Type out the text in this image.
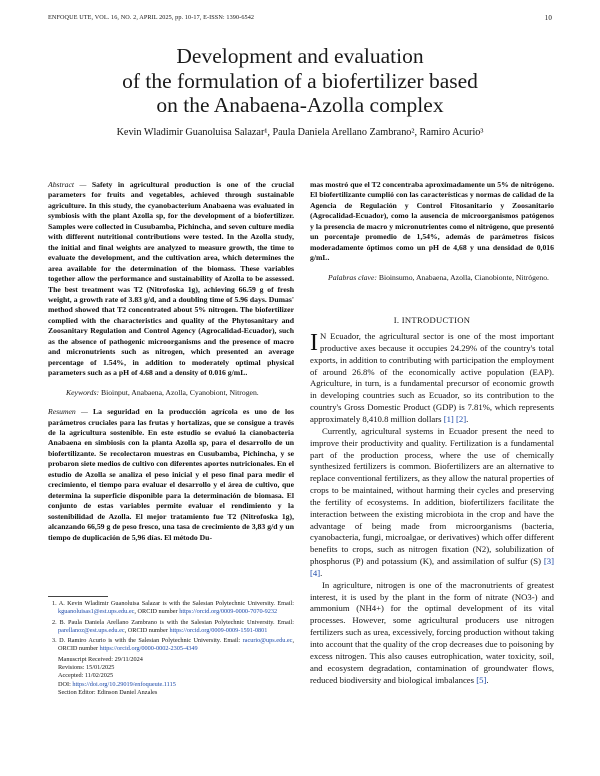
ENFOQUE UTE, VOL. 16, NO. 2, APRIL 2025, pp. 10-17, E-ISSN: 1390-6542	10
Development and evaluation
of the formulation of a biofertilizer based
on the Anabaena-Azolla complex
Kevin Wladimir Guanoluisa Salazar¹, Paula Daniela Arellano Zambrano², Ramiro Acurio³

Abstract — Safety in agricultural production is one of the crucial parameters for fruits and vegetables, achieved through sustainable agriculture. In this study, the cyanobacterium Anabaena was evaluated in symbiosis with the plant Azolla sp, for the development of a biofertilizer. Samples were collected in Cusubamba, Pichincha, and seven culture media with different nutritional contributions were tested. In the Azolla study, the initial and final weights are analyzed to measure growth, the time to evaluate the development, and the cultivation area, which determines the area available for the determination of the biomass. These variables together allow the performance and sustainability of Azolla to be assessed. The best treatment was T2 (Nitrofoska 1g), achieving 66.59 g of fresh weight, a growth rate of 3.83 g/d, and a doubling time of 5.96 days. Dumas' method showed that T2 concentrated about 5% nitrogen. The biofertilizer complied with the characteristics and quality of the Phytosanitary and Zoosanitary Regulation and Control Agency (Agrocalidad-Ecuador), such as the absence of pathogenic microorganisms and the presence of macro and micronutrients such as nitrogen, which presented an average percentage of 1.54%, in addition to moderately optimal physical parameters such as a pH of 4.68 and a density of 0.016 g/mL.

Keywords: Bioinput, Anabaena, Azolla, Cyanobiont, Nitrogen.

Resumen — La seguridad en la producción agrícola es uno de los parámetros cruciales para las frutas y hortalizas, que se consigue a través de la agricultura sostenible. En este estudio se evaluó la cianobacteria Anabaena en simbiosis con la planta Azolla sp, para el desarrollo de un biofertilizante. Se recolectaron muestras en Cusubamba, Pichincha, y se probaron siete medios de cultivo con diferentes aportes nutricionales. En el estudio de Azolla se analiza el peso inicial y el peso final para medir el crecimiento, el tiempo para evaluar el desarrollo y el área de cultivo, que determina la superficie disponible para la determinación de biomasa. El conjunto de estas variables permite evaluar el rendimiento y la sostenibilidad de Azolla. El mejor tratamiento fue T2 (Nitrofoska 1g), alcanzando 66,59 g de peso fresco, una tasa de crecimiento de 3,83 g/d y un tiempo de duplicación de 5,96 días. El método Du-

1. A. Kevin Wladimir Guanoluisa Salazar is with the Salesian Polytechnic University. Email: kguanoluisas1@est.ups.edu.ec, ORCID number https://orcid.org/0009-0000-7070-9232

2. B. Paula Daniela Arellano Zambrano is with the Salesian Polytechnic University. Email: parellanoz@est.ups.edu.ec, ORCID number https://orcid.org/0009-0009-1591-0801

3. D. Ramiro Acurio is with the Salesian Polytechnic University. Email: racurio@ups.edu.ec, ORCID number https://orcid.org/0000-0002-2305-4349

Manuscript Received: 29/11/2024

Revisions: 15/01/2025

Accepted: 11/02/2025

DOI: https://doi.org/10.29019/enfoqueute.1115

Section Editor: Edinson Daniel Anzales

mas mostró que el T2 concentraba aproximadamente un 5% de nitrógeno. El biofertilizante cumplió con las características y normas de calidad de la Agencia de Regulación y Control Fitosanitario y Zoosanitario (Agrocalidad-Ecuador), como la ausencia de microorganismos patógenos y la presencia de macro y micronutrientes como el nitrógeno, que presentó un porcentaje promedio de 1,54%, además de parámetros físicos moderadamente óptimos como un pH de 4,68 y una densidad de 0,016 g/mL.

Palabras clave: Bioinsumo, Anabaena, Azolla, Cianobionte, Nitrógeno.

I. INTRODUCTION

I N Ecuador, the agricultural sector is one of the most important productive axes because it occupies 24.29% of the country's total exports, in addition to contributing with participation the employment of around 26.8% of the economically active population (EAP). Agriculture, in turn, is a fundamental precursor of economic growth in developing countries such as Ecuador, so its contribution to the country's Gross Domestic Product (GDP) is 7.81%, which represents approximately 8,410.8 million dollars [1] [2].

Currently, agricultural systems in Ecuador present the need to improve their productivity and quality. Fertilization is a fundamental part of the production process, where the use of chemically synthesized fertilizers is common. Biofertilizers are an alternative to replace conventional fertilizers, as they allow the natural properties of crops to be maintained, without harming their cycles and preserving the fertility of ecosystems. In addition, biofertilizers facilitate the interaction between the existing microbiota in the crop and have the advantage of being made from microorganisms (bacteria, cyanobacteria, fungi, microalgae, or derivatives) which offer different benefits to crops, such as nitrogen fixation (N2), solubilization of phosphorus (P) and potassium (K), and assimilation of sulfur (S) [3] [4].

In agriculture, nitrogen is one of the macronutrients of greatest interest, it is used by the plant in the form of nitrate (NO3-) and ammonium (NH4+) for the optimal development of its vital processes. However, some agricultural producers use nitrogen fertilizers such as urea, excessively, forcing production without taking into account that the quality of the crop decreases due to poisoning by excess nitrogen. This also causes eutrophication, water toxicity, soil, and ecosystem degradation, contamination of groundwater flows, reduced biodiversity and biological imbalances [5].
